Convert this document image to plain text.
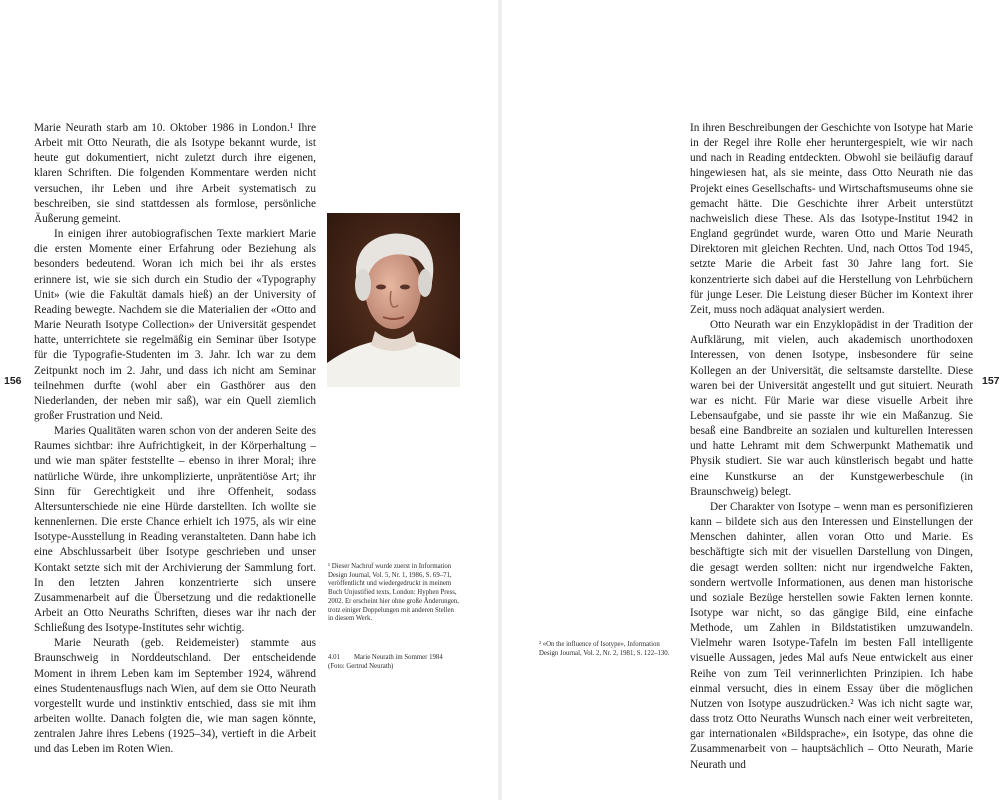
156	157

Marie Neurath starb am 10. Oktober 1986 in London.¹ Ihre Arbeit mit Otto Neurath, die als Isotype bekannt wurde, ist heute gut dokumentiert, nicht zuletzt durch ihre eigenen, klaren Schriften. Die folgenden Kommentare werden nicht versuchen, ihr Leben und ihre Arbeit systematisch zu beschreiben, sie sind stattdessen als formlose, persönliche Äußerung gemeint.

In einigen ihrer autobiografischen Texte markiert Marie die ersten Momente einer Erfahrung oder Beziehung als besonders bedeutend. Woran ich mich bei ihr als erstes erinnere ist, wie sie sich durch ein Studio der «Typography Unit» (wie die Fakultät damals hieß) an der University of Reading bewegte. Nachdem sie die Materialien der «Otto and Marie Neurath Isotype Collection» der Universität gespendet hatte, unterrichtete sie regelmäßig ein Seminar über Isotype für die Typografie-Studenten im 3. Jahr. Ich war zu dem Zeitpunkt noch im 2. Jahr, und dass ich nicht am Seminar teilnehmen durfte (wohl aber ein Gasthörer aus den Niederlanden, der neben mir saß), war ein Quell ziemlich großer Frustration und Neid.

Maries Qualitäten waren schon von der anderen Seite des Raumes sichtbar: ihre Aufrichtigkeit, in der Körperhaltung – und wie man später feststellte – ebenso in ihrer Moral; ihre natürliche Würde, ihre unkomplizierte, unprätentiöse Art; ihr Sinn für Gerechtigkeit und ihre Offenheit, sodass Altersunterschiede nie eine Hürde darstellten. Ich wollte sie kennenlernen. Die erste Chance erhielt ich 1975, als wir eine Isotype-Ausstellung in Reading veranstalteten. Dann habe ich eine Abschlussarbeit über Isotype geschrieben und unser Kontakt setzte sich mit der Archivierung der Sammlung fort. In den letzten Jahren konzentrierte sich unsere Zusammenarbeit auf die Übersetzung und die redaktionelle Arbeit an Otto Neuraths Schriften, dieses war ihr nach der Schließung des Isotype-Institutes sehr wichtig.

Marie Neurath (geb. Reidemeister) stammte aus Braunschweig in Norddeutschland. Der entscheidende Moment in ihrem Leben kam im September 1924, während eines Studentenausflugs nach Wien, auf dem sie Otto Neurath vorgestellt wurde und instinktiv entschied, dass sie mit ihm arbeiten wollte. Danach folgten die, wie man sagen könnte, zentralen Jahre ihres Lebens (1925–34), vertieft in die Arbeit und das Leben im Roten Wien.

¹ Dieser Nachruf wurde zuerst in Information Design Journal, Vol. 5, Nr. 1, 1986, S. 69–71, veröffentlicht und wiedergedruckt in meinem Buch Unjustified texts, London: Hyphen Press, 2002. Er erscheint hier ohne große Änderungen, trotz einiger Doppelungen mit anderen Stellen in diesem Werk.

4.01 Marie Neurath im Sommer 1984 (Foto: Gertrud Neurath)

² «On the influence of Isotype», Information Design Journal, Vol. 2, Nr. 2, 1981, S. 122–130.

In ihren Beschreibungen der Geschichte von Isotype hat Marie in der Regel ihre Rolle eher heruntergespielt, wie wir nach und nach in Reading entdeckten. Obwohl sie beiläufig darauf hingewiesen hat, als sie meinte, dass Otto Neurath nie das Projekt eines Gesellschafts- und Wirtschaftsmuseums ohne sie gemacht hätte. Die Geschichte ihrer Arbeit unterstützt nachweislich diese These. Als das Isotype-Institut 1942 in England gegründet wurde, waren Otto und Marie Neurath Direktoren mit gleichen Rechten. Und, nach Ottos Tod 1945, setzte Marie die Arbeit fast 30 Jahre lang fort. Sie konzentrierte sich dabei auf die Herstellung von Lehrbüchern für junge Leser. Die Leistung dieser Bücher im Kontext ihrer Zeit, muss noch adäquat analysiert werden.

Otto Neurath war ein Enzyklopädist in der Tradition der Aufklärung, mit vielen, auch akademisch unorthodoxen Interessen, von denen Isotype, insbesondere für seine Kollegen an der Universität, die seltsamste darstellte. Diese waren bei der Universität angestellt und gut situiert. Neurath war es nicht. Für Marie war diese visuelle Arbeit ihre Lebensaufgabe, und sie passte ihr wie ein Maßanzug. Sie besaß eine Bandbreite an sozialen und kulturellen Interessen und hatte Lehramt mit dem Schwerpunkt Mathematik und Physik studiert. Sie war auch künstlerisch begabt und hatte eine Kunstkurse an der Kunstgewerbeschule (in Braunschweig) belegt.

Der Charakter von Isotype – wenn man es personifizieren kann – bildete sich aus den Interessen und Einstellungen der Menschen dahinter, allen voran Otto und Marie. Es beschäftigte sich mit der visuellen Darstellung von Dingen, die gesagt werden sollten: nicht nur irgendwelche Fakten, sondern wertvolle Informationen, aus denen man historische und soziale Bezüge herstellen sowie Fakten lernen konnte. Isotype war nicht, so das gängige Bild, eine einfache Methode, um Zahlen in Bildstatistiken umzuwandeln. Vielmehr waren Isotype-Tafeln im besten Fall intelligente visuelle Aussagen, jedes Mal aufs Neue entwickelt aus einer Reihe von zum Teil verinnerlichten Prinzipien. Ich habe einmal versucht, dies in einem Essay über die möglichen Nutzen von Isotype auszudrücken.² Was ich nicht sagte war, dass trotz Otto Neuraths Wunsch nach einer weit verbreiteten, gar internationalen «Bildsprache», ein Isotype, das ohne die Zusammenarbeit von – hauptsächlich – Otto Neurath, Marie Neurath und
